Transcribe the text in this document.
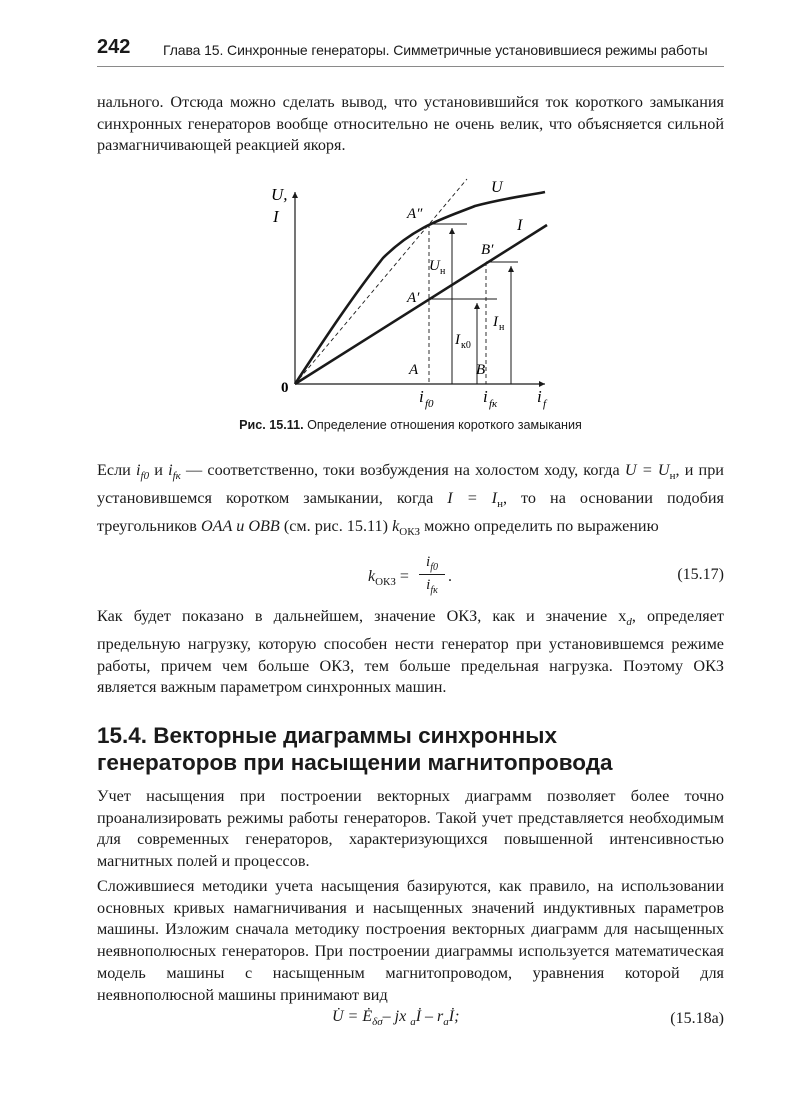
242 Глава 15. Синхронные генераторы. Симметричные установившиеся режимы работы

нального. Отсюда можно сделать вывод, что установившийся ток короткого замыкания синхронных генераторов вообще относительно не очень велик, что объясняется сильной размагничивающей реакцией якоря.

U,
I
0	i f
U
I
A″
A′
A
B′
B
U н
I к0
I н
i f0	i fк
Рис. 15.11. Определение отношения короткого замыкания

Если $i_{f0}$ и $i_{fк}$ — соответственно, токи возбуждения на холостом ходу, когда $U = U_н$, и при установившемся коротком замыкании, когда $I = I_н$, то на основании подобия треугольников OAA и OBB (см. рис. 15.11) $k_{ОКЗ}$ можно определить по выражению

$k_{ОКЗ}$ =
$i_{f0}$
$i_{fк}$
.	(15.17)

Как будет показано в дальнейшем, значение ОКЗ, как и значение $x_d$, определяет предельную нагрузку, которую способен нести генератор при установившемся режиме работы, причем чем больше ОКЗ, тем больше предельная нагрузка. Поэтому ОКЗ является важным параметром синхронных машин.

15.4. Векторные диаграммы синхронных
генераторов при насыщении магнитопровода

Учет насыщения при построении векторных диаграмм позволяет более точно проанализировать режимы работы генераторов. Такой учет представляется необходимым для современных генераторов, характеризующихся повышенной интенсивностью магнитных полей и процессов.

Сложившиеся методики учета насыщения базируются, как правило, на использовании основных кривых намагничивания и насыщенных значений индуктивных параметров машины. Изложим сначала методику построения векторных диаграмм для насыщенных неявнополюсных генераторов. При построении диаграммы используется математическая модель машины с насыщенным магнитопроводом, уравнения которой для неявнополюсной машины принимают вид

U̇ = $Ė_{\delta\sigma}-$ jx $_a$İ – $r_aİ$;	(15.18a)
